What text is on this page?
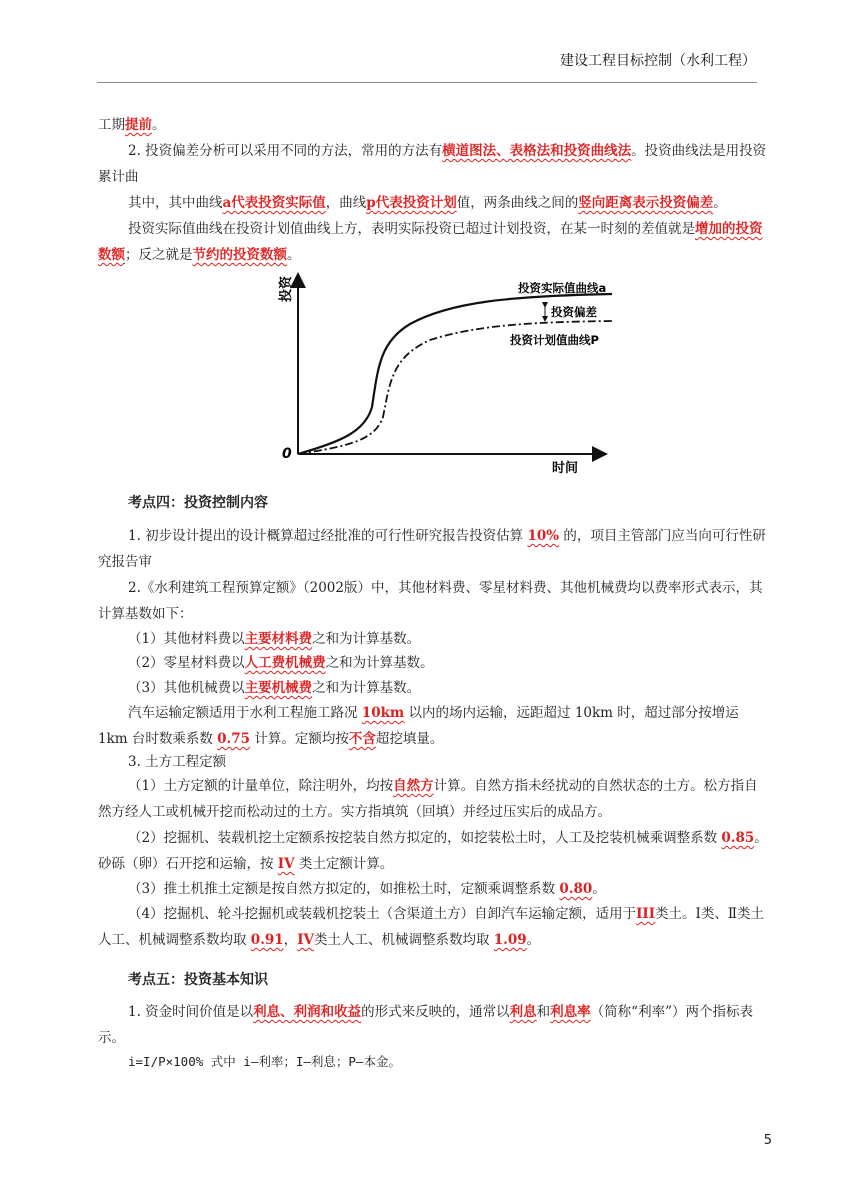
建设工程目标控制（水利工程）

工期提前。

2. 投资偏差分析可以采用不同的方法，常用的方法有横道图法、表格法和投资曲线法。投资曲线法是用投资累计曲

其中，其中曲线a代表投资实际值，曲线p代表投资计划值，两条曲线之间的竖向距离表示投资偏差。

投资实际值曲线在投资计划值曲线上方，表明实际投资已超过计划投资，在某一时刻的差值就是增加的投资数额；反之就是节约的投资数额。

投资
时间
0
投资实际值曲线a
投资偏差
投资计划值曲线P
考点四：投资控制内容

1. 初步设计提出的设计概算超过经批准的可行性研究报告投资估算 10% 的，项目主管部门应当向可行性研究报告审

2.《水利建筑工程预算定额》（2002版）中，其他材料费、零星材料费、其他机械费均以费率形式表示，其计算基数如下：

（1）其他材料费以主要材料费之和为计算基数。

（2）零星材料费以人工费机械费之和为计算基数。

（3）其他机械费以主要机械费之和为计算基数。

汽车运输定额适用于水利工程施工路况 10km 以内的场内运输，远距超过 10km 时，超过部分按增运 1km 台时数乘系数 0.75 计算。定额均按不含超挖填量。

3. 土方工程定额

（1）土方定额的计量单位，除注明外，均按自然方计算。自然方指未经扰动的自然状态的土方。松方指自然方经人工或机械开挖而松动过的土方。实方指填筑（回填）并经过压实后的成品方。

（2）挖掘机、装载机挖土定额系按挖装自然方拟定的，如挖装松土时，人工及挖装机械乘调整系数 0.85。砂砾（卵）石开挖和运输，按 IV 类土定额计算。

（3）推土机推土定额是按自然方拟定的，如推松土时，定额乘调整系数 0.80。

（4）挖掘机、轮斗挖掘机或装载机挖装土（含渠道土方）自卸汽车运输定额，适用于III类土。Ⅰ类、Ⅱ类土人工、机械调整系数均取 0.91，IV类土人工、机械调整系数均取 1.09。

考点五：投资基本知识

1. 资金时间价值是以利息、利润和收益的形式来反映的，通常以利息和利息率（简称“利率”）两个指标表示。

i=I/P×100% 式中 i—利率；I—利息；P—本金。

5
